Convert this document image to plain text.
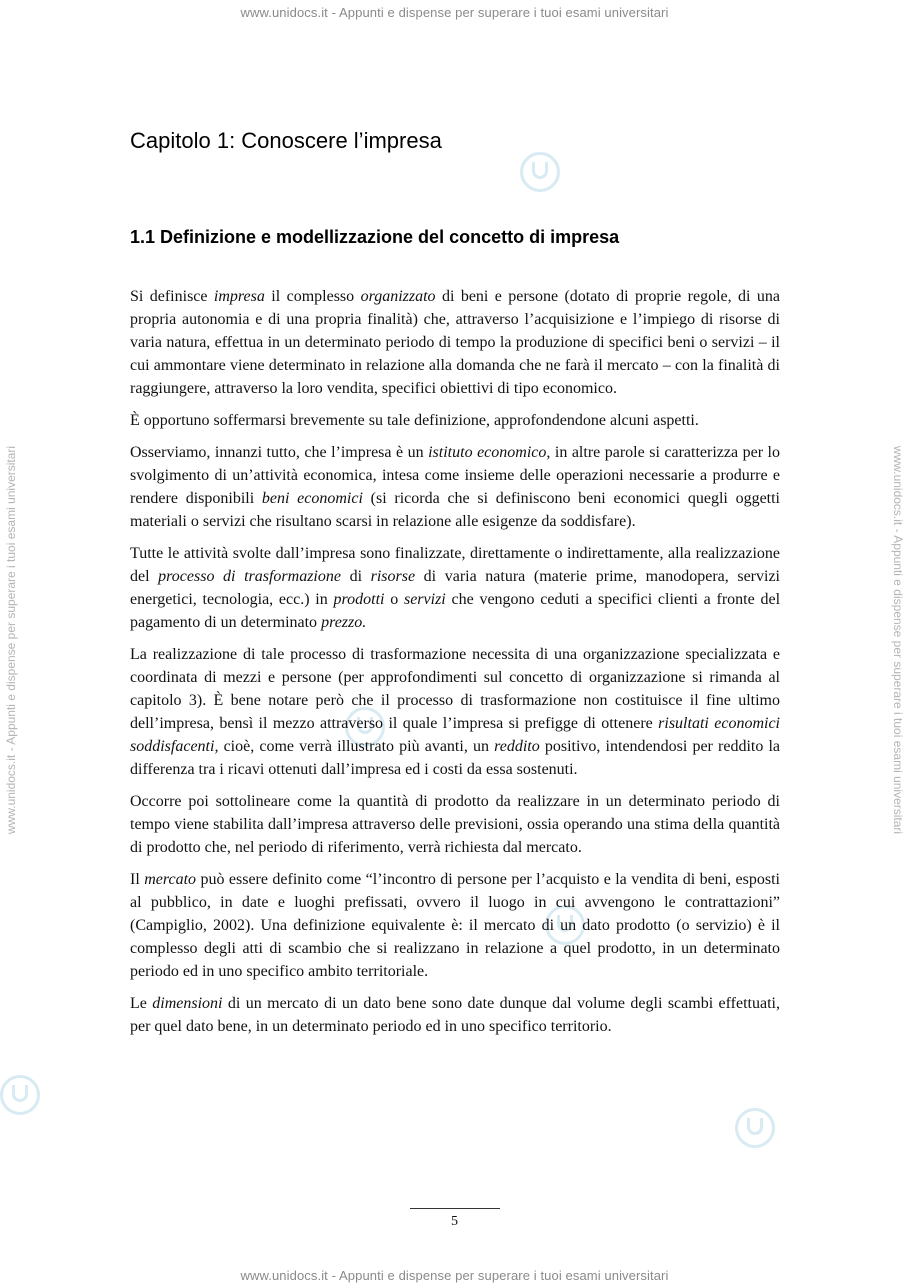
www.unidocs.it - Appunti e dispense per superare i tuoi esami universitari
www.unidocs.it - Appunti e dispense per superare i tuoi esami universitari	www.unidocs.it - Appunti e dispense per superare i tuoi esami universitari
Capitolo 1: Conoscere l’impresa
1.1 Definizione e modellizzazione del concetto di impresa

Si definisce impresa il complesso organizzato di beni e persone (dotato di proprie regole, di una propria autonomia e di una propria finalità) che, attraverso l’acquisizione e l’impiego di risorse di varia natura, effettua in un determinato periodo di tempo la produzione di specifici beni o servizi – il cui ammontare viene determinato in relazione alla domanda che ne farà il mercato – con la finalità di raggiungere, attraverso la loro vendita, specifici obiettivi di tipo economico.

È opportuno soffermarsi brevemente su tale definizione, approfondendone alcuni aspetti.

Osserviamo, innanzi tutto, che l’impresa è un istituto economico, in altre parole si caratterizza per lo svolgimento di un’attività economica, intesa come insieme delle operazioni necessarie a produrre e rendere disponibili beni economici (si ricorda che si definiscono beni economici quegli oggetti materiali o servizi che risultano scarsi in relazione alle esigenze da soddisfare).

Tutte le attività svolte dall’impresa sono finalizzate, direttamente o indirettamente, alla realizzazione del processo di trasformazione di risorse di varia natura (materie prime, manodopera, servizi energetici, tecnologia, ecc.) in prodotti o servizi che vengono ceduti a specifici clienti a fronte del pagamento di un determinato prezzo.

La realizzazione di tale processo di trasformazione necessita di una organizzazione specializzata e coordinata di mezzi e persone (per approfondimenti sul concetto di organizzazione si rimanda al capitolo 3). È bene notare però che il processo di trasformazione non costituisce il fine ultimo dell’impresa, bensì il mezzo attraverso il quale l’impresa si prefigge di ottenere risultati economici soddisfacenti, cioè, come verrà illustrato più avanti, un reddito positivo, intendendosi per reddito la differenza tra i ricavi ottenuti dall’impresa ed i costi da essa sostenuti.

Occorre poi sottolineare come la quantità di prodotto da realizzare in un determinato periodo di tempo viene stabilita dall’impresa attraverso delle previsioni, ossia operando una stima della quantità di prodotto che, nel periodo di riferimento, verrà richiesta dal mercato.

Il mercato può essere definito come “l’incontro di persone per l’acquisto e la vendita di beni, esposti al pubblico, in date e luoghi prefissati, ovvero il luogo in cui avvengono le contrattazioni” (Campiglio, 2002). Una definizione equivalente è: il mercato di un dato prodotto (o servizio) è il complesso degli atti di scambio che si realizzano in relazione a quel prodotto, in un determinato periodo ed in uno specifico ambito territoriale.

Le dimensioni di un mercato di un dato bene sono date dunque dal volume degli scambi effettuati, per quel dato bene, in un determinato periodo ed in uno specifico territorio.

5
www.unidocs.it - Appunti e dispense per superare i tuoi esami universitari
